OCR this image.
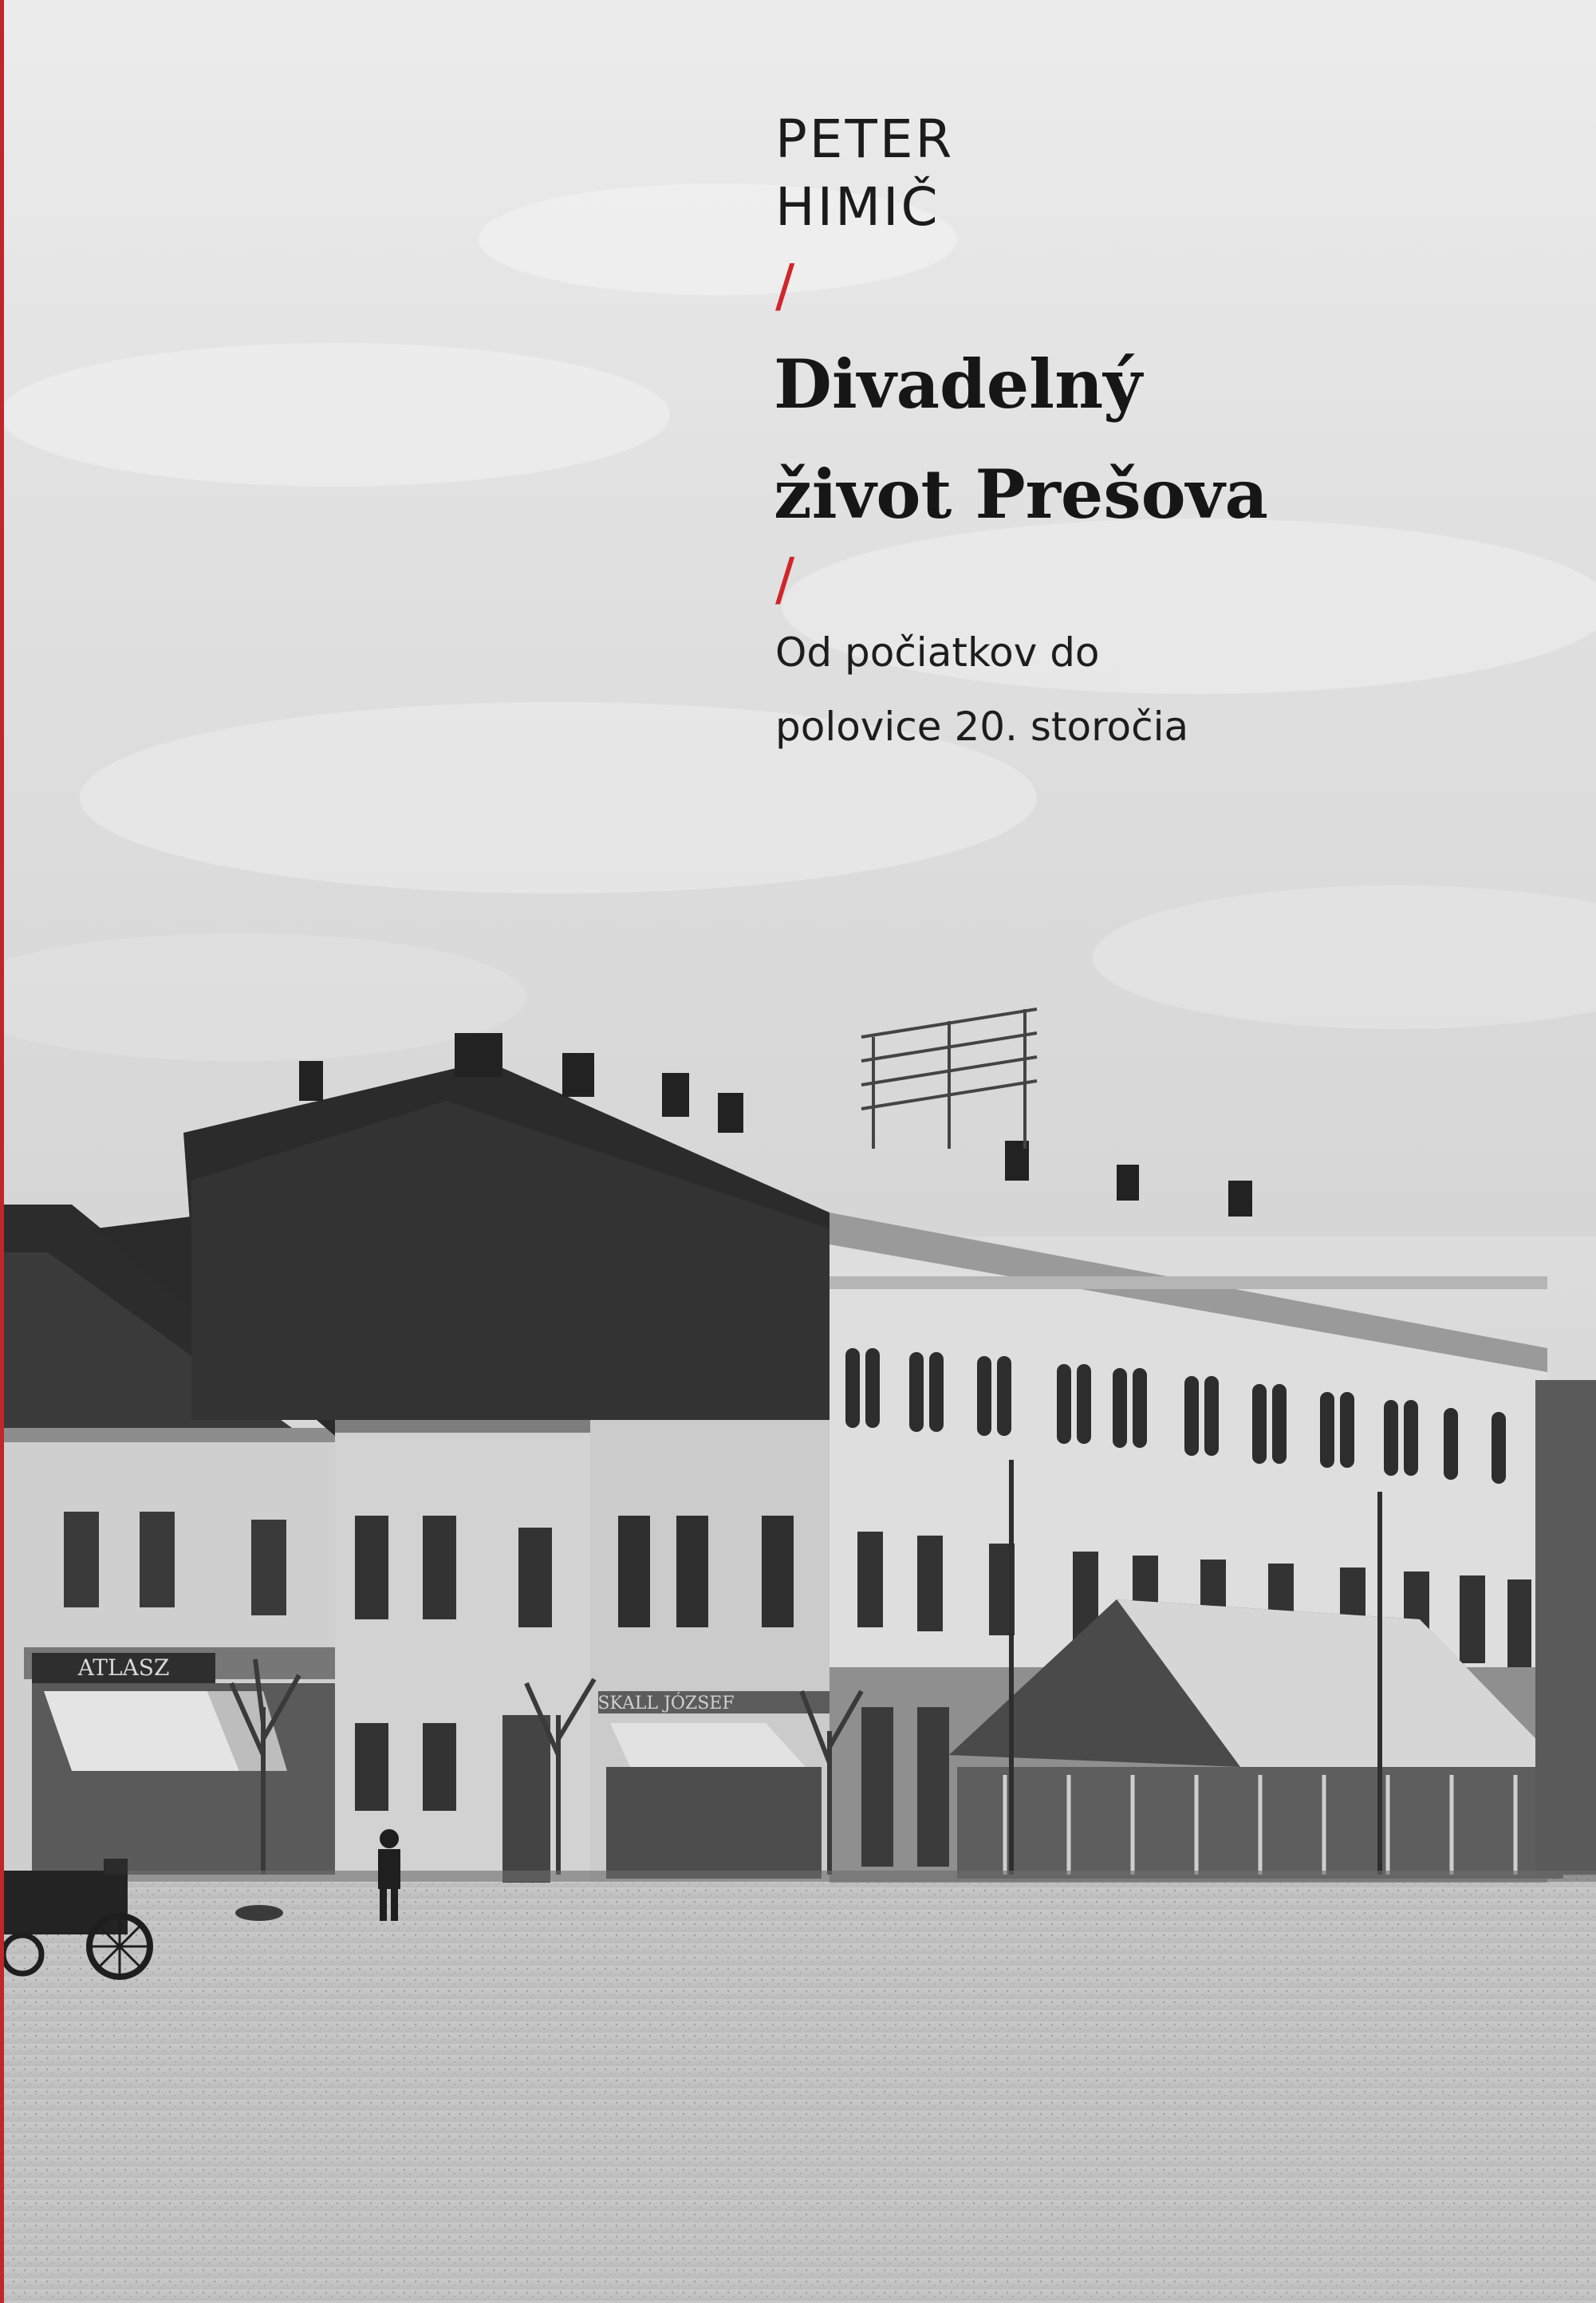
ATLASZ
SKALL JÓZSEF
PETER
HIMIČ
/
Divadelný
život Prešova
/
Od počiatkov do
polovice 20. storočia
